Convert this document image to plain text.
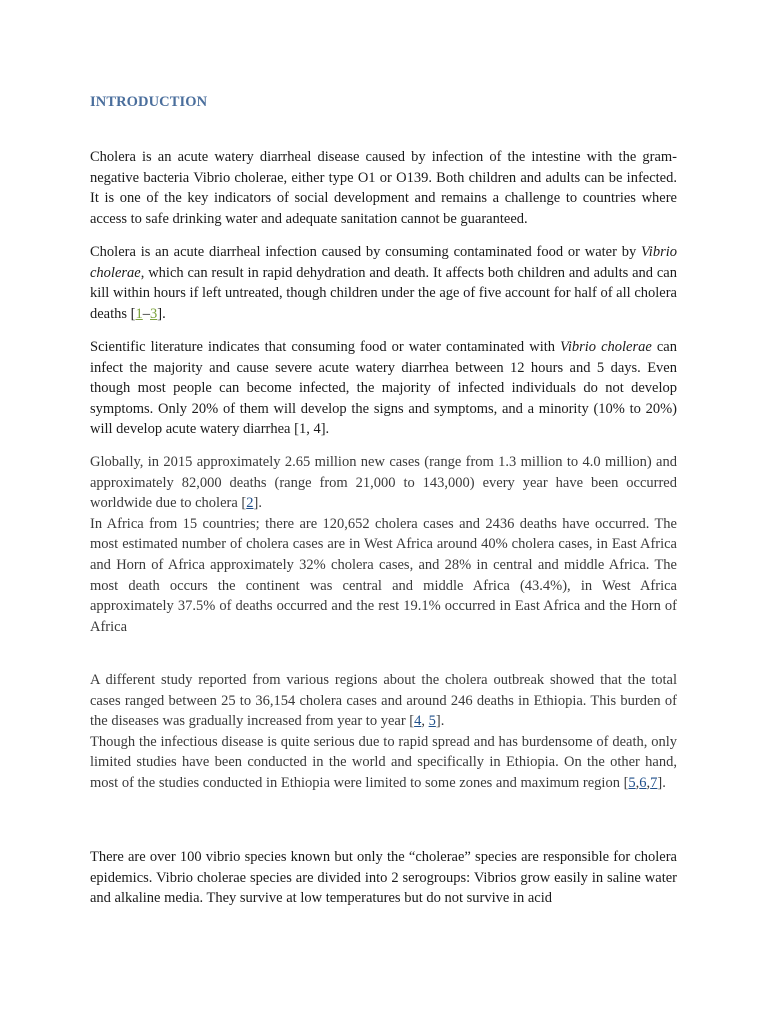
INTRODUCTION

Cholera is an acute watery diarrheal disease caused by infection of the intestine with the gram-negative bacteria Vibrio cholerae, either type O1 or O139. Both children and adults can be infected. It is one of the key indicators of social development and remains a challenge to countries where access to safe drinking water and adequate sanitation cannot be guaranteed.

Cholera is an acute diarrheal infection caused by consuming contaminated food or water by Vibrio cholerae, which can result in rapid dehydration and death. It affects both children and adults and can kill within hours if left untreated, though children under the age of five account for half of all cholera deaths [1–3].

Scientific literature indicates that consuming food or water contaminated with Vibrio cholerae can infect the majority and cause severe acute watery diarrhea between 12 hours and 5 days. Even though most people can become infected, the majority of infected individuals do not develop symptoms. Only 20% of them will develop the signs and symptoms, and a minority (10% to 20%) will develop acute watery diarrhea [1, 4].

Globally, in 2015 approximately 2.65 million new cases (range from 1.3 million to 4.0 million) and approximately 82,000 deaths (range from 21,000 to 143,000) every year have been occurred worldwide due to cholera [2].

In Africa from 15 countries; there are 120,652 cholera cases and 2436 deaths have occurred. The most estimated number of cholera cases are in West Africa around 40% cholera cases, in East Africa and Horn of Africa approximately 32% cholera cases, and 28% in central and middle Africa. The most death occurs the continent was central and middle Africa (43.4%), in West Africa approximately 37.5% of deaths occurred and the rest 19.1% occurred in East Africa and the Horn of Africa

A different study reported from various regions about the cholera outbreak showed that the total cases ranged between 25 to 36,154 cholera cases and around 246 deaths in Ethiopia. This burden of the diseases was gradually increased from year to year [4, 5].

Though the infectious disease is quite serious due to rapid spread and has burdensome of death, only limited studies have been conducted in the world and specifically in Ethiopia. On the other hand, most of the studies conducted in Ethiopia were limited to some zones and maximum region [5,6,7].

There are over 100 vibrio species known but only the “cholerae” species are responsible for cholera epidemics. Vibrio cholerae species are divided into 2 serogroups: Vibrios grow easily in saline water and alkaline media. They survive at low temperatures but do not survive in acid
